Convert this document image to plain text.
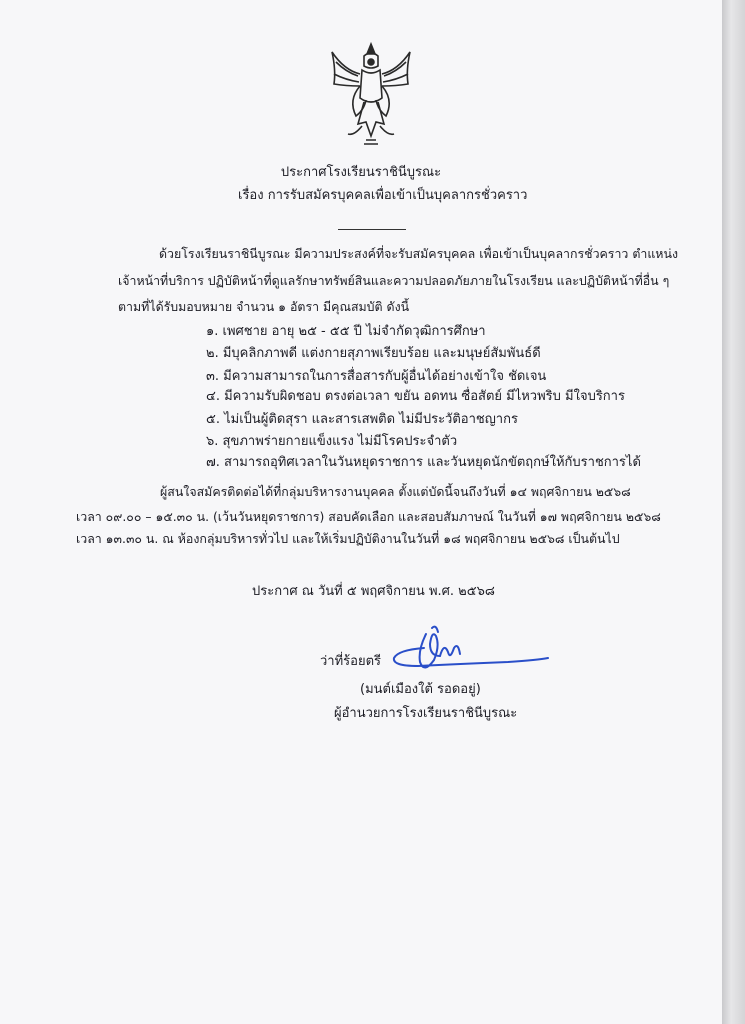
ประกาศโรงเรียนราชินีบูรณะ
เรื่อง การรับสมัครบุคคลเพื่อเข้าเป็นบุคลากรชั่วคราว
ด้วยโรงเรียนราชินีบูรณะ มีความประสงค์ที่จะรับสมัครบุคคล เพื่อเข้าเป็นบุคลากรชั่วคราว ตำแหน่ง
เจ้าหน้าที่บริการ ปฏิบัติหน้าที่ดูแลรักษาทรัพย์สินและความปลอดภัยภายในโรงเรียน และปฏิบัติหน้าที่อื่น ๆ
ตามที่ได้รับมอบหมาย จำนวน ๑ อัตรา มีคุณสมบัติ ดังนี้
๑. เพศชาย อายุ ๒๕ - ๕๕ ปี ไม่จำกัดวุฒิการศึกษา
๒. มีบุคลิกภาพดี แต่งกายสุภาพเรียบร้อย และมนุษย์สัมพันธ์ดี
๓. มีความสามารถในการสื่อสารกับผู้อื่นได้อย่างเข้าใจ ชัดเจน
๔. มีความรับผิดชอบ ตรงต่อเวลา ขยัน อดทน ซื่อสัตย์ มีไหวพริบ มีใจบริการ
๕. ไม่เป็นผู้ติดสุรา และสารเสพติด ไม่มีประวัติอาชญากร
๖. สุขภาพร่ายกายแข็งแรง ไม่มีโรคประจำตัว
๗. สามารถอุทิศเวลาในวันหยุดราชการ และวันหยุดนักขัตฤกษ์ให้กับราชการได้
ผู้สนใจสมัครติดต่อได้ที่กลุ่มบริหารงานบุคคล ตั้งแต่บัดนี้จนถึงวันที่ ๑๔ พฤศจิกายน ๒๕๖๘
เวลา ๐๙.๐๐ – ๑๕.๓๐ น. (เว้นวันหยุดราชการ) สอบคัดเลือก และสอบสัมภาษณ์ ในวันที่ ๑๗ พฤศจิกายน ๒๕๖๘
เวลา ๑๓.๓๐ น. ณ ห้องกลุ่มบริหารทั่วไป และให้เริ่มปฏิบัติงานในวันที่ ๑๘ พฤศจิกายน ๒๕๖๘ เป็นต้นไป
ประกาศ ณ วันที่ ๕ พฤศจิกายน พ.ศ. ๒๕๖๘
ว่าที่ร้อยตรี
(มนต์เมืองใต้ รอดอยู่)
ผู้อำนวยการโรงเรียนราชินีบูรณะ
